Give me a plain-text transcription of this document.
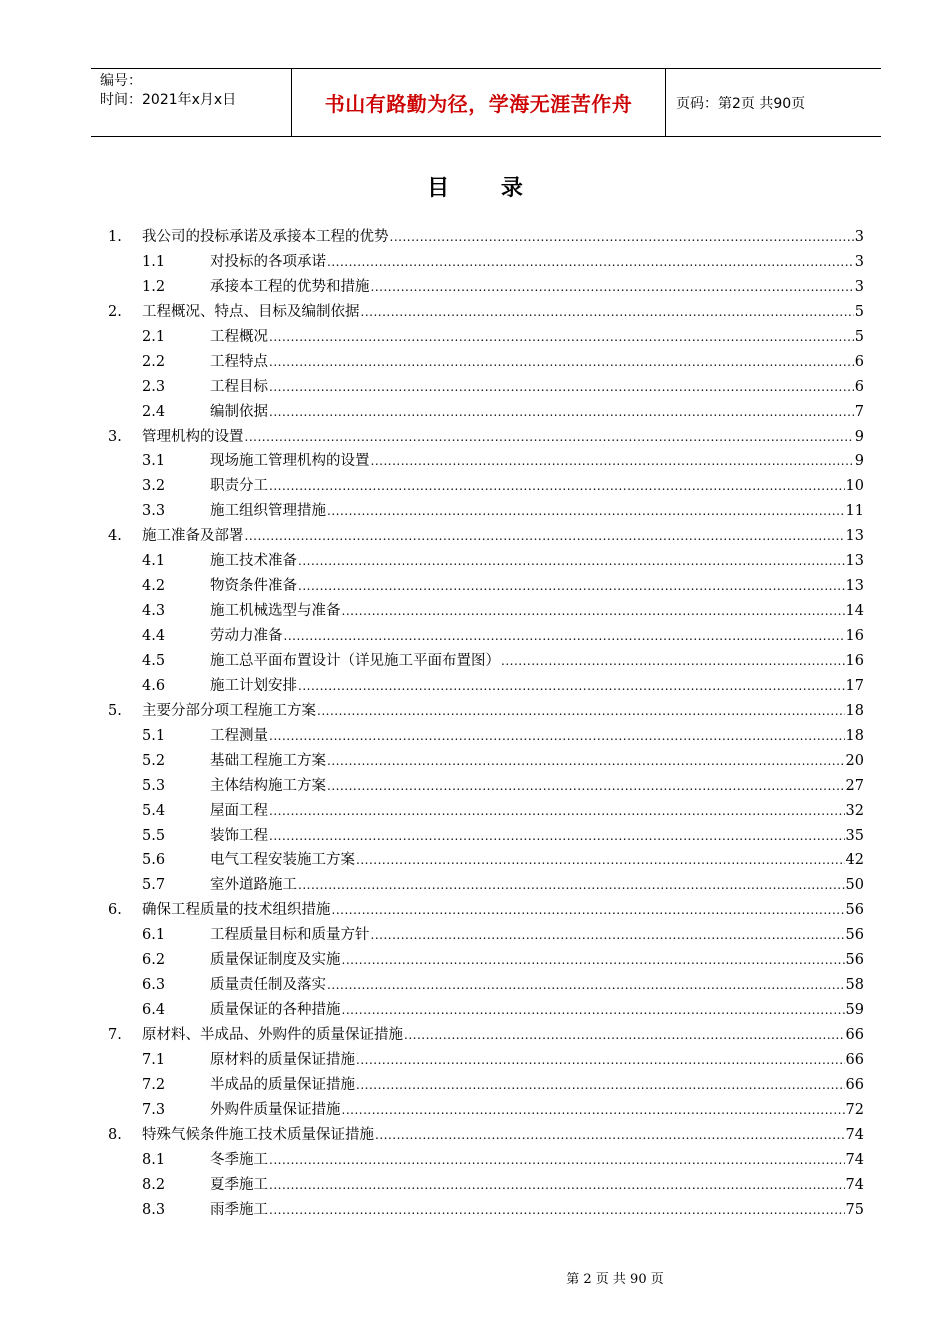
编号：
时间：2021年x月x日	书山有路勤为径，学海无涯苦作舟	页码：第2页 共90页
目 录
1.	我公司的投标承诺及承接本工程的优势 .....	3
1.1	对投标的各项承诺 .....	3
1.2	承接本工程的优势和措施 .....	3
2.	工程概况、特点、目标及编制依据 .....	5
2.1	工程概况 .....	5
2.2	工程特点 .....	6
2.3	工程目标 .....	6
2.4	编制依据 .....	7
3.	管理机构的设置 .....	9
3.1	现场施工管理机构的设置 .....	9
3.2	职责分工 .....	10
3.3	施工组织管理措施 .....	11
4.	施工准备及部署 .....	13
4.1	施工技术准备 .....	13
4.2	物资条件准备 .....	13
4.3	施工机械选型与准备 .....	14
4.4	劳动力准备 .....	16
4.5	施工总平面布置设计（详见施工平面布置图） .....	16
4.6	施工计划安排 .....	17
5.	主要分部分项工程施工方案 .....	18
5.1	工程测量 .....	18
5.2	基础工程施工方案 .....	20
5.3	主体结构施工方案 .....	27
5.4	屋面工程 .....	32
5.5	装饰工程 .....	35
5.6	电气工程安装施工方案 .....	42
5.7	室外道路施工 .....	50
6.	确保工程质量的技术组织措施 .....	56
6.1	工程质量目标和质量方针 .....	56
6.2	质量保证制度及实施 .....	56
6.3	质量责任制及落实 .....	58
6.4	质量保证的各种措施 .....	59
7.	原材料、半成品、外购件的质量保证措施 .....	66
7.1	原材料的质量保证措施 .....	66
7.2	半成品的质量保证措施 .....	66
7.3	外购件质量保证措施 .....	72
8.	特殊气候条件施工技术质量保证措施 .....	74
8.1	冬季施工 .....	74
8.2	夏季施工 .....	74
8.3	雨季施工 .....	75
第 2 页 共 90 页
